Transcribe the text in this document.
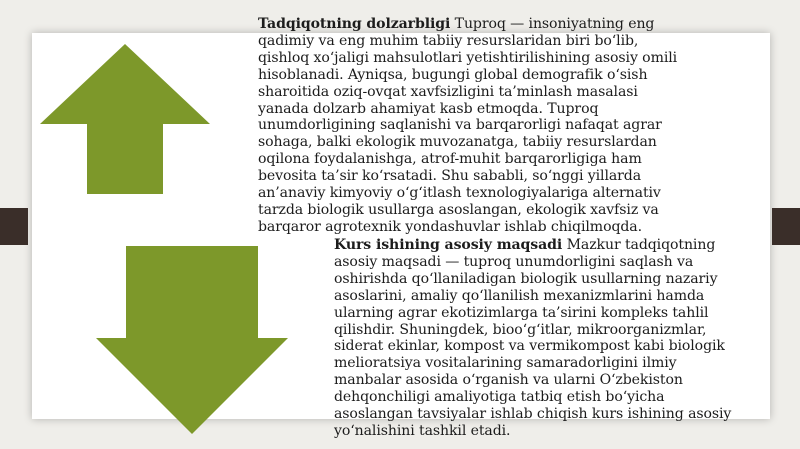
Tadqiqotning dolzarbligi Tuproq — insoniyatning eng qadimiy va eng muhim tabiiy resurslaridan biri bo‘lib, qishloq xo‘jaligi mahsulotlari yetishtirilishining asosiy omili hisoblanadi. Ayniqsa, bugungi global demografik o‘sish sharoitida oziq-ovqat xavfsizligini ta’minlash masalasi yanada dolzarb ahamiyat kasb etmoqda. Tuproq unumdorligining saqlanishi va barqarorligi nafaqat agrar sohaga, balki ekologik muvozanatga, tabiiy resurslardan oqilona foydalanishga, atrof-muhit barqarorligiga ham bevosita ta’sir ko‘rsatadi. Shu sababli, so‘nggi yillarda an’anaviy kimyoviy o‘g‘itlash texnologiyalariga alternativ tarzda biologik usullarga asoslangan, ekologik xavfsiz va barqaror agrotexnik yondashuvlar ishlab chiqilmoqda.

Kurs ishining asosiy maqsadi Mazkur tadqiqotning asosiy maqsadi — tuproq unumdorligini saqlash va oshirishda qo‘llaniladigan biologik usullarning nazariy asoslarini, amaliy qo‘llanilish mexanizmlarini hamda ularning agrar ekotizimlarga ta’sirini kompleks tahlil qilishdir. Shuningdek, bioo‘g‘itlar, mikroorganizmlar, siderat ekinlar, kompost va vermikompost kabi biologik melioratsiya vositalarining samaradorligini ilmiy manbalar asosida o‘rganish va ularni O‘zbekiston dehqonchiligi amaliyotiga tatbiq etish bo‘yicha asoslangan tavsiyalar ishlab chiqish kurs ishining asosiy yo‘nalishini tashkil etadi.
